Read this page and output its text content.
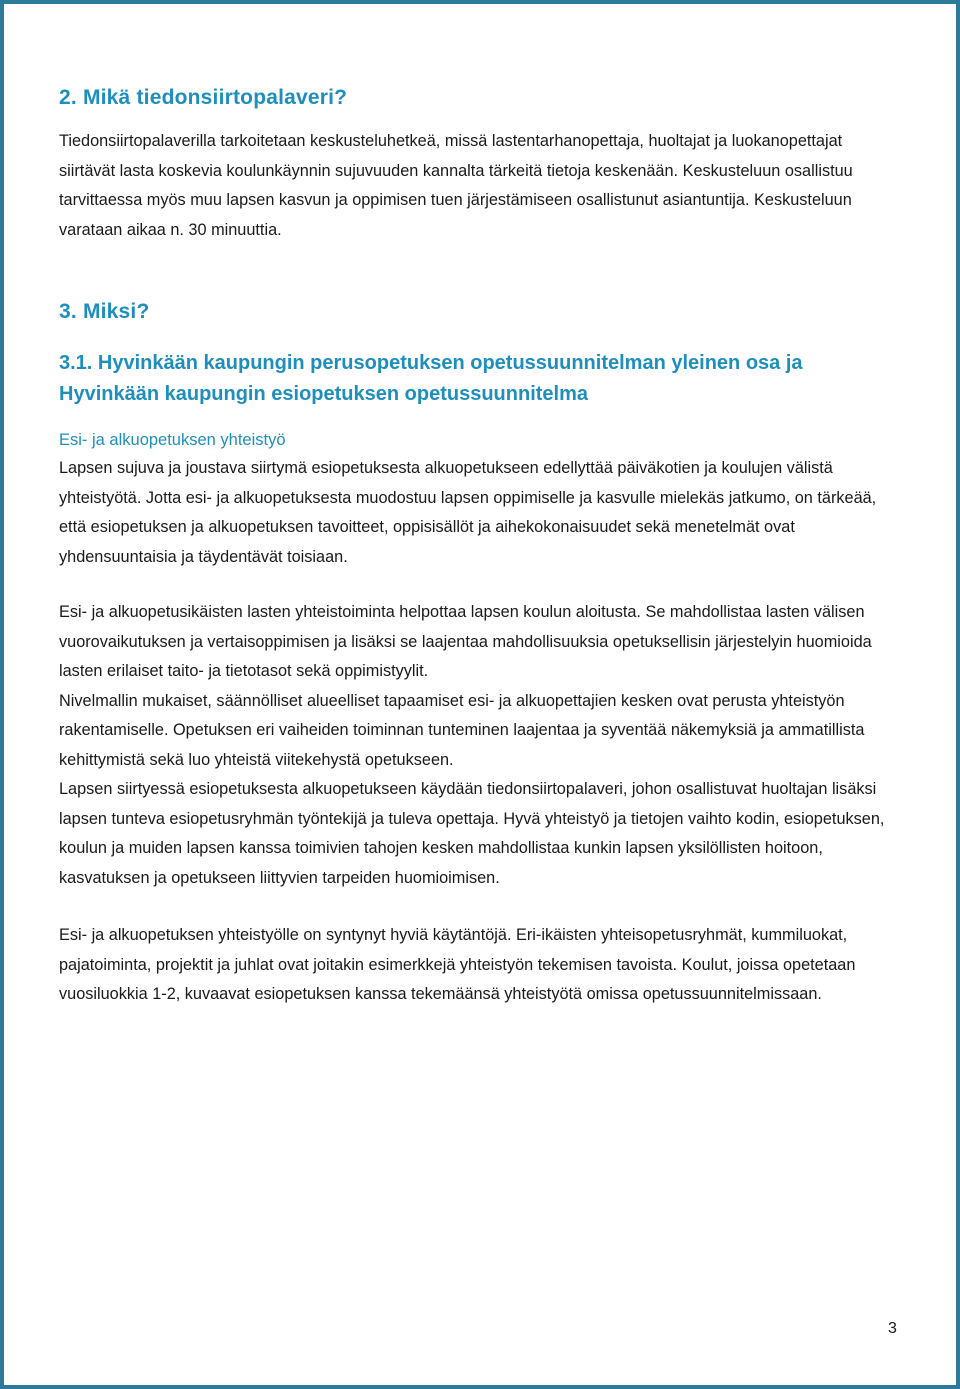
2. Mikä tiedonsiirtopalaveri?

Tiedonsiirtopalaverilla tarkoitetaan keskusteluhetkeä, missä lastentarhanopettaja, huoltajat ja luokanopettajat siirtävät lasta koskevia koulunkäynnin sujuvuuden kannalta tärkeitä tietoja keskenään. Keskusteluun osallistuu tarvittaessa myös muu lapsen kasvun ja oppimisen tuen järjestämiseen osallistunut asiantuntija. Keskusteluun varataan aikaa n. 30 minuuttia.

3. Miksi?
3.1. Hyvinkään kaupungin perusopetuksen opetussuunnitelman yleinen osa ja Hyvinkään kaupungin esiopetuksen opetussuunnitelma
Esi- ja alkuopetuksen yhteistyö

Lapsen sujuva ja joustava siirtymä esiopetuksesta alkuopetukseen edellyttää päiväkotien ja koulujen välistä yhteistyötä. Jotta esi- ja alkuopetuksesta muodostuu lapsen oppimiselle ja kasvulle mielekäs jatkumo, on tärkeää, että esiopetuksen ja alkuopetuksen tavoitteet, oppisisällöt ja aihekokonaisuudet sekä menetelmät ovat yhdensuuntaisia ja täydentävät toisiaan.

Esi- ja alkuopetusikäisten lasten yhteistoiminta helpottaa lapsen koulun aloitusta. Se mahdollistaa lasten välisen vuorovaikutuksen ja vertaisoppimisen ja lisäksi se laajentaa mahdollisuuksia opetuksellisin järjestelyin huomioida lasten erilaiset taito- ja tietotasot sekä oppimistyylit.

Nivelmallin mukaiset, säännölliset alueelliset tapaamiset esi- ja alkuopettajien kesken ovat perusta yhteistyön rakentamiselle. Opetuksen eri vaiheiden toiminnan tunteminen laajentaa ja syventää näkemyksiä ja ammatillista kehittymistä sekä luo yhteistä viitekehystä opetukseen.

Lapsen siirtyessä esiopetuksesta alkuopetukseen käydään tiedonsiirtopalaveri, johon osallistuvat huoltajan lisäksi lapsen tunteva esiopetusryhmän työntekijä ja tuleva opettaja. Hyvä yhteistyö ja tietojen vaihto kodin, esiopetuksen, koulun ja muiden lapsen kanssa toimivien tahojen kesken mahdollistaa kunkin lapsen yksilöllisten hoitoon, kasvatuksen ja opetukseen liittyvien tarpeiden huomioimisen.

Esi- ja alkuopetuksen yhteistyölle on syntynyt hyviä käytäntöjä. Eri-ikäisten yhteisopetusryhmät, kummiluokat, pajatoiminta, projektit ja juhlat ovat joitakin esimerkkejä yhteistyön tekemisen tavoista. Koulut, joissa opetetaan vuosiluokkia 1-2, kuvaavat esiopetuksen kanssa tekemäänsä yhteistyötä omissa opetussuunnitelmissaan.

3
